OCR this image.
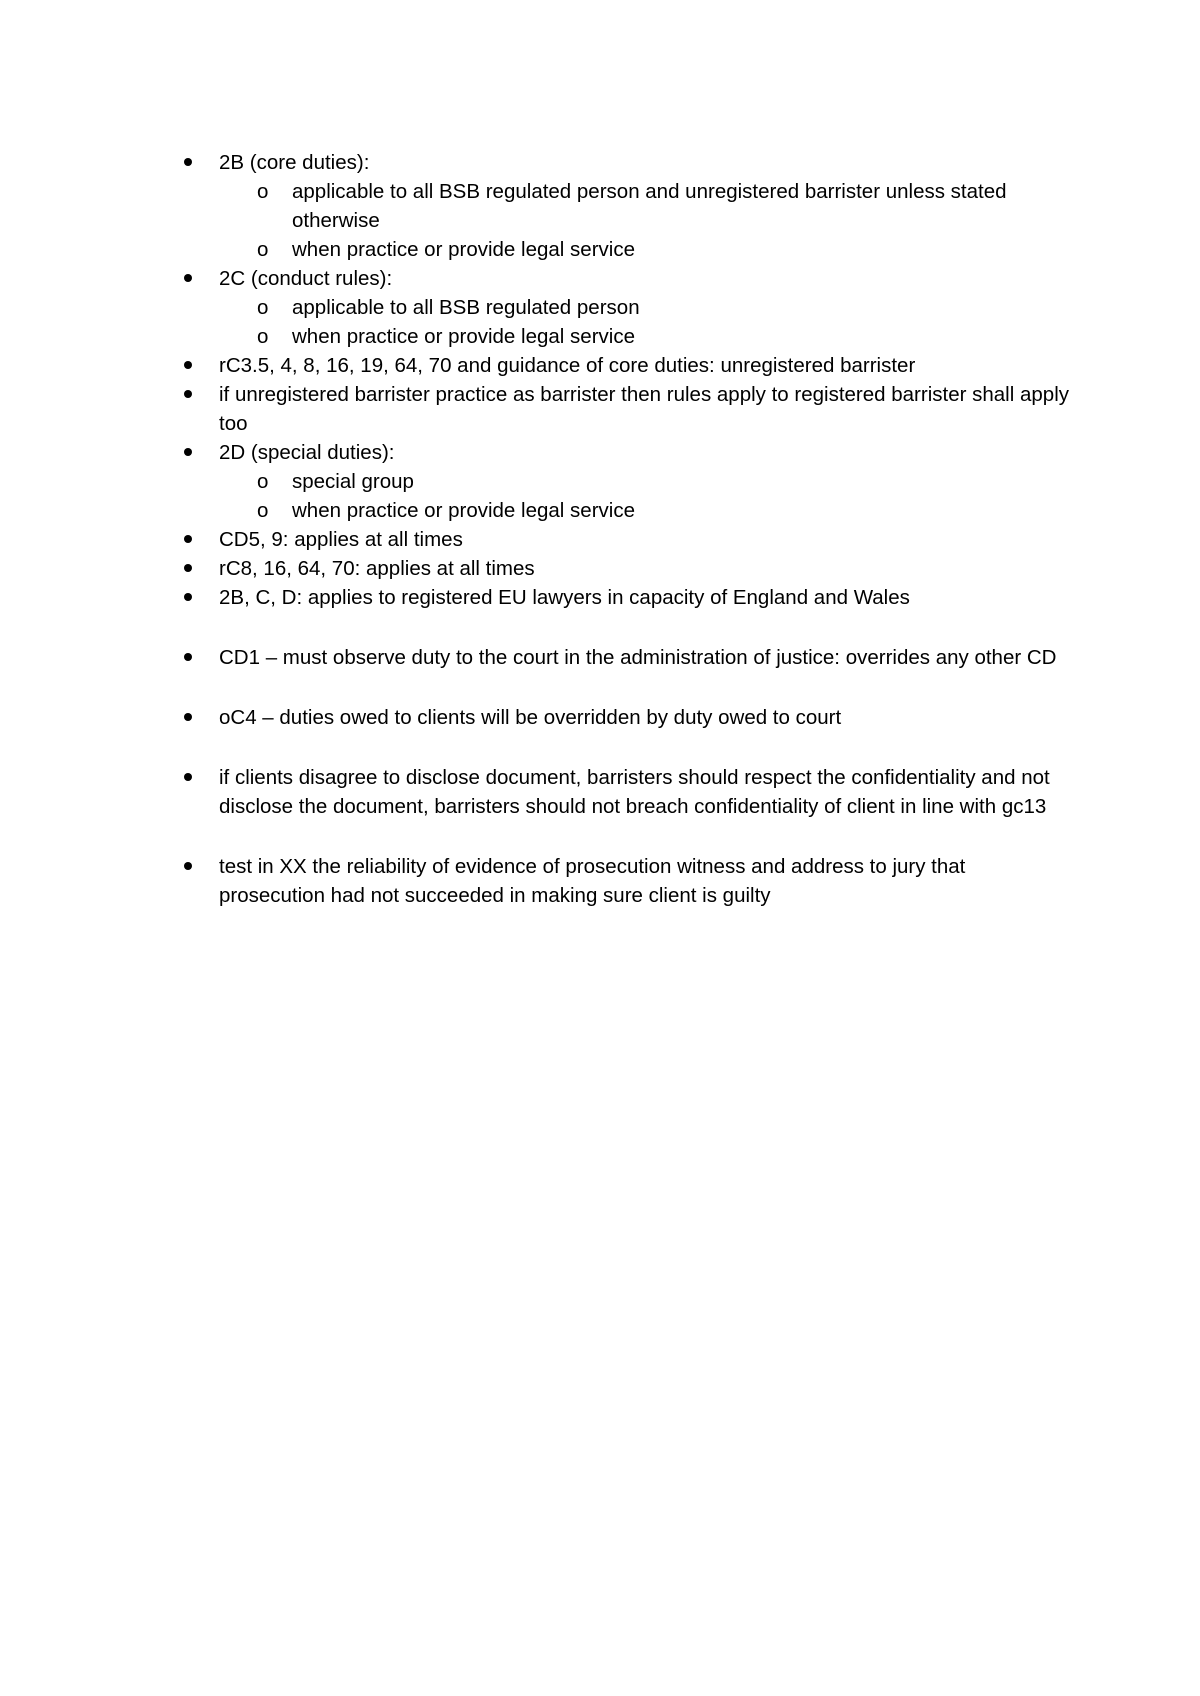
2B (core duties):
o applicable to all BSB regulated person and unregistered barrister unless stated otherwise
o when practice or provide legal service
2C (conduct rules):
o applicable to all BSB regulated person
o when practice or provide legal service
rC3.5, 4, 8, 16, 19, 64, 70 and guidance of core duties: unregistered barrister
if unregistered barrister practice as barrister then rules apply to registered barrister shall apply too
2D (special duties):
o special group
o when practice or provide legal service
CD5, 9: applies at all times
rC8, 16, 64, 70: applies at all times
2B, C, D: applies to registered EU lawyers in capacity of England and Wales
CD1 – must observe duty to the court in the administration of justice: overrides any other CD
oC4 – duties owed to clients will be overridden by duty owed to court
if clients disagree to disclose document, barristers should respect the confidentiality and not disclose the document, barristers should not breach confidentiality of client in line with gc13
test in XX the reliability of evidence of prosecution witness and address to jury that prosecution had not succeeded in making sure client is guilty
